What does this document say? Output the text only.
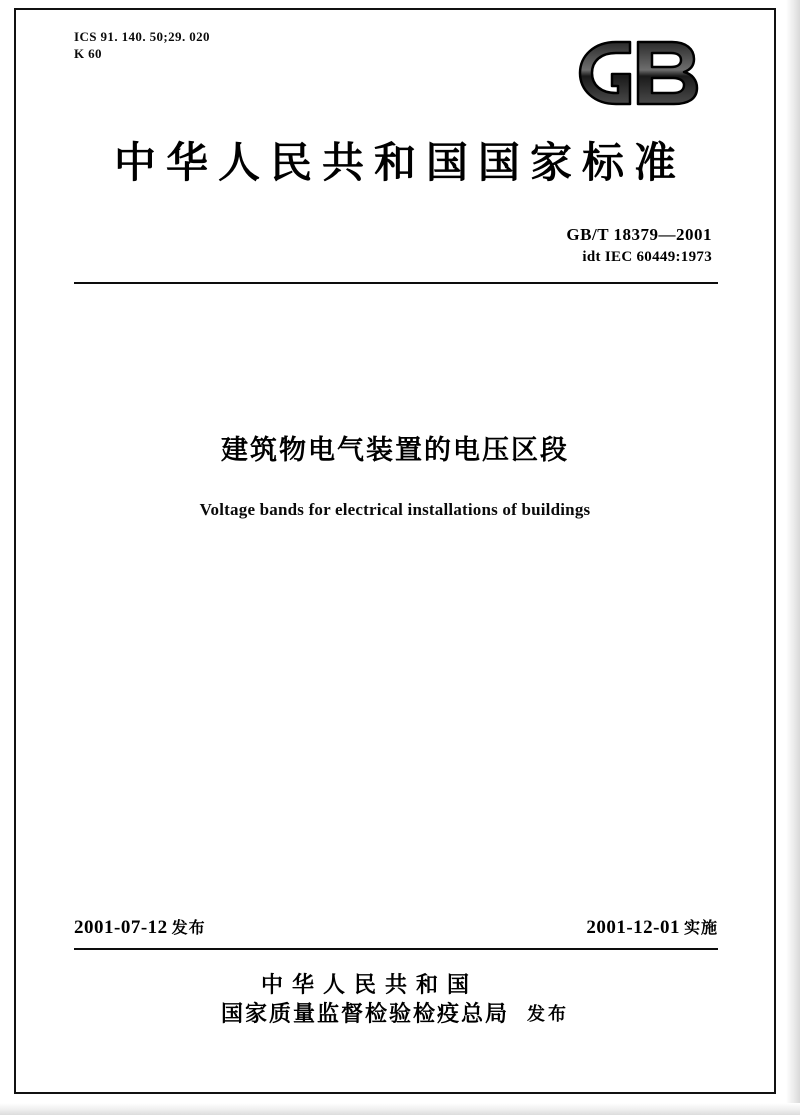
ICS 91. 140. 50;29. 020
K 60
中华人民共和国国家标准
GB/T 18379—2001
idt IEC 60449:1973
建筑物电气装置的电压区段
Voltage bands for electrical installations of buildings
2001-07-12 发布	2001-12-01 实施
中华人民共和国
国家质量监督检验检疫总局 发布
